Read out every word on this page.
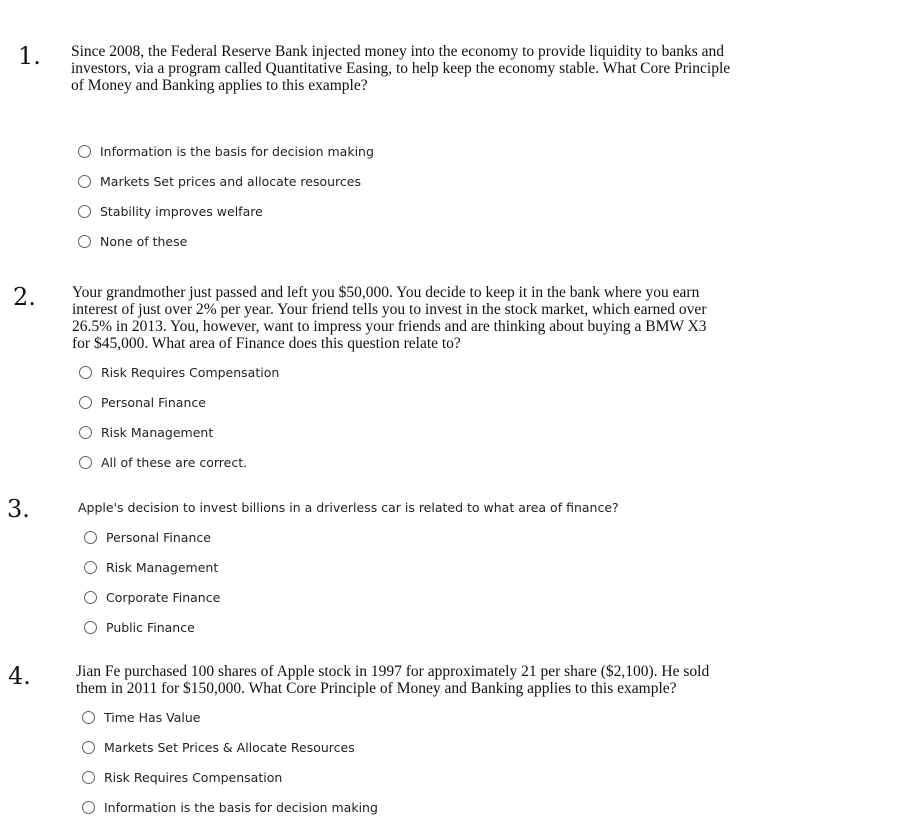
1. Since 2008, the Federal Reserve Bank injected money into the economy to provide liquidity to banks and
investors, via a program called Quantitative Easing, to help keep the economy stable. What Core Principle
of Money and Banking applies to this example?
Information is the basis for decision making
Markets Set prices and allocate resources
Stability improves welfare
None of these
2. Your grandmother just passed and left you $50,000. You decide to keep it in the bank where you earn
interest of just over 2% per year. Your friend tells you to invest in the stock market, which earned over
26.5% in 2013. You, however, want to impress your friends and are thinking about buying a BMW X3
for $45,000. What area of Finance does this question relate to?
Risk Requires Compensation
Personal Finance
Risk Management
All of these are correct.
3.	Apple's decision to invest billions in a driverless car is related to what area of finance?
Personal Finance
Risk Management
Corporate Finance
Public Finance
4.	Jian Fe purchased 100 shares of Apple stock in 1997 for approximately 21 per share ($2,100). He sold
them in 2011 for $150,000. What Core Principle of Money and Banking applies to this example?
Time Has Value
Markets Set Prices & Allocate Resources
Risk Requires Compensation
Information is the basis for decision making
